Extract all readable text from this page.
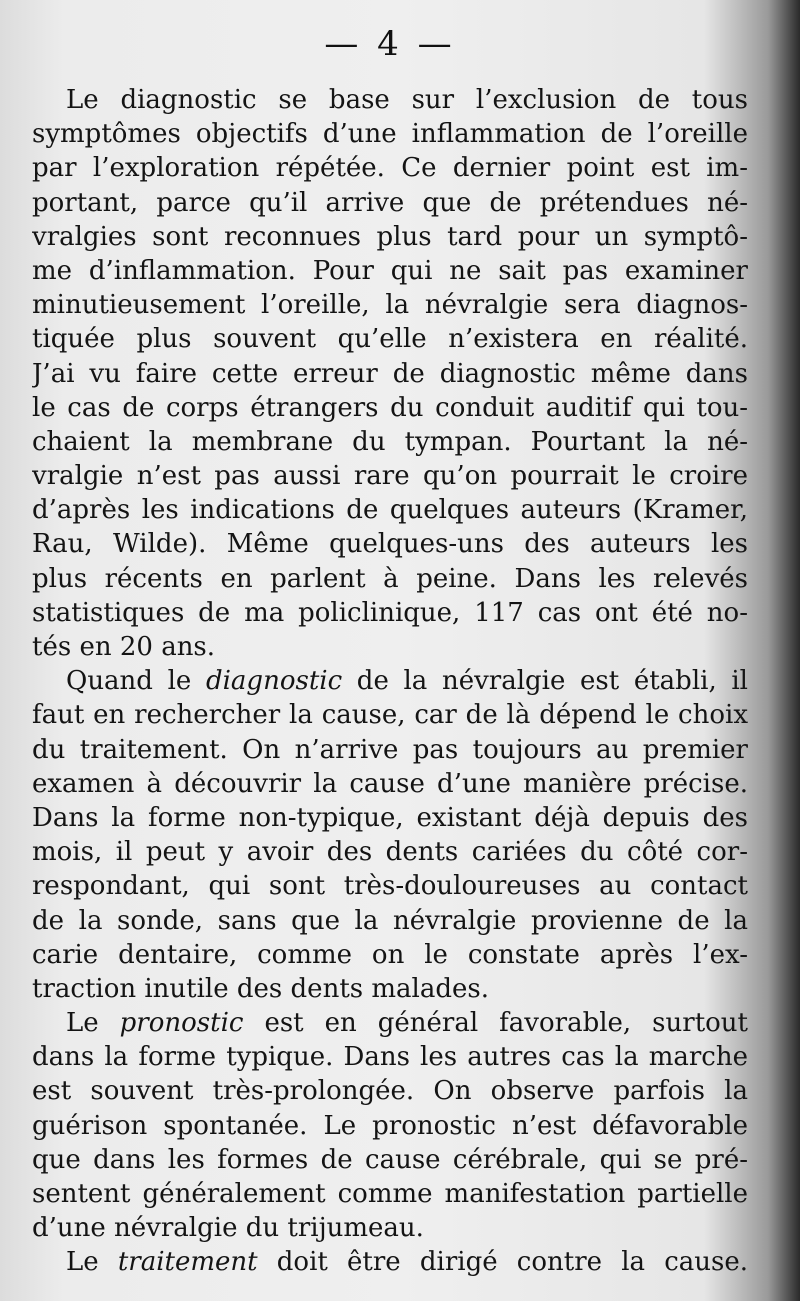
— 4 —
Le diagnostic se base sur l’exclusion de tous
symptômes objectifs d’une inflammation de l’oreille
par l’exploration répétée. Ce dernier point est im-
portant, parce qu’il arrive que de prétendues né-
vralgies sont reconnues plus tard pour un symptô-
me d’inflammation. Pour qui ne sait pas examiner
minutieusement l’oreille, la névralgie sera diagnos-
tiquée plus souvent qu’elle n’existera en réalité.
J’ai vu faire cette erreur de diagnostic même dans
le cas de corps étrangers du conduit auditif qui tou-
chaient la membrane du tympan. Pourtant la né-
vralgie n’est pas aussi rare qu’on pourrait le croire
d’après les indications de quelques auteurs (Kramer,
Rau, Wilde). Même quelques-uns des auteurs les
plus récents en parlent à peine. Dans les relevés
statistiques de ma policlinique, 117 cas ont été no-
tés en 20 ans.
Quand le diagnostic de la névralgie est établi, il
faut en rechercher la cause, car de là dépend le choix
du traitement. On n’arrive pas toujours au premier
examen à découvrir la cause d’une manière précise.
Dans la forme non-typique, existant déjà depuis des
mois, il peut y avoir des dents cariées du côté cor-
respondant, qui sont très-douloureuses au contact
de la sonde, sans que la névralgie provienne de la
carie dentaire, comme on le constate après l’ex-
traction inutile des dents malades.
Le pronostic est en général favorable, surtout
dans la forme typique. Dans les autres cas la marche
est souvent très-prolongée. On observe parfois la
guérison spontanée. Le pronostic n’est défavorable
que dans les formes de cause cérébrale, qui se pré-
sentent généralement comme manifestation partielle
d’une névralgie du trijumeau.
Le traitement doit être dirigé contre la cause.
